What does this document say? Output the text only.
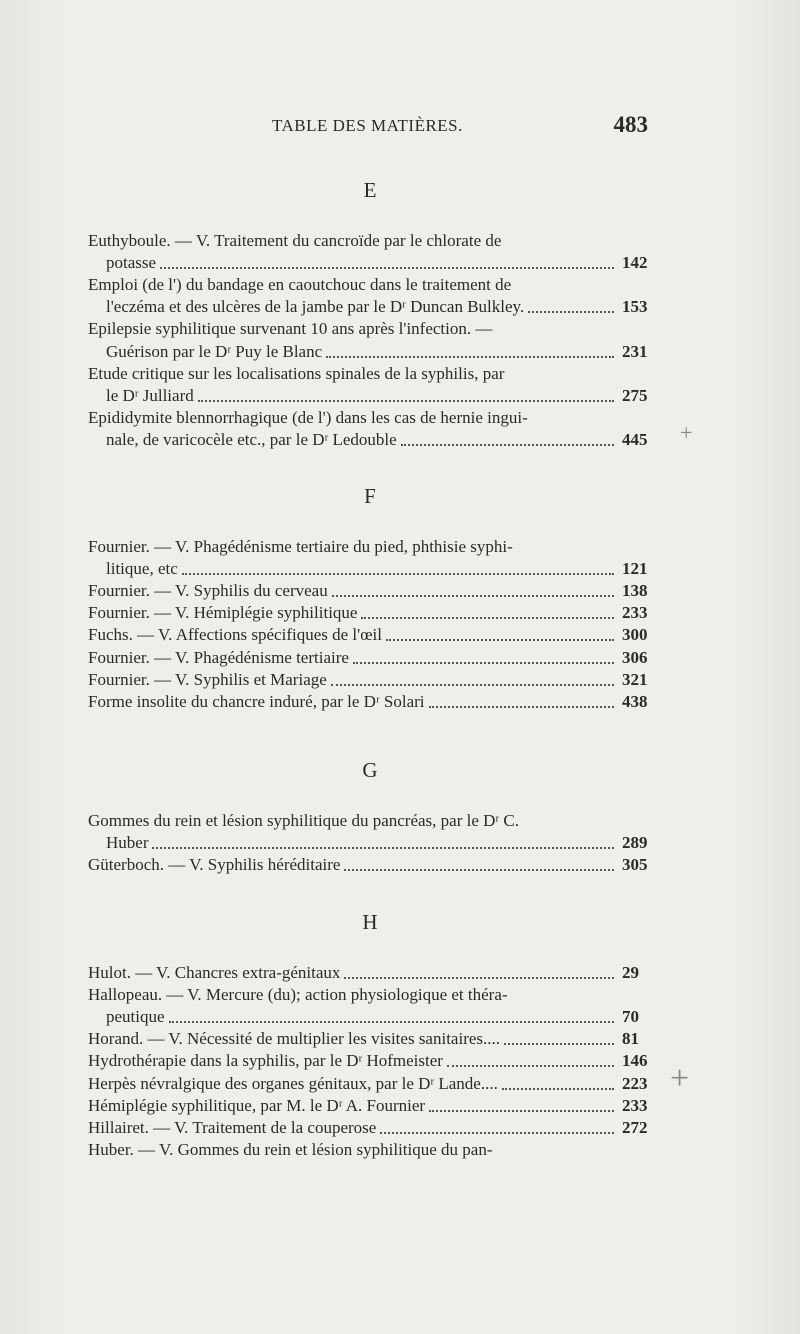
TABLE DES MATIÈRES.	483
E
Euthyboule. — V. Traitement du cancroïde par le chlorate de
potasse	142
Emploi (de l') du bandage en caoutchouc dans le traitement de
l'eczéma et des ulcères de la jambe par le Dʳ Duncan Bulkley.	153
Epilepsie syphilitique survenant 10 ans après l'infection. —
Guérison par le Dʳ Puy le Blanc	231
Etude critique sur les localisations spinales de la syphilis, par
le Dʳ Julliard	275
Epididymite blennorrhagique (de l') dans les cas de hernie ingui-
nale, de varicocèle etc., par le Dʳ Ledouble	445
F
Fournier. — V. Phagédénisme tertiaire du pied, phthisie syphi-
litique, etc	121
Fournier. — V. Syphilis du cerveau	138
Fournier. — V. Hémiplégie syphilitique	233
Fuchs. — V. Affections spécifiques de l'œil	300
Fournier. — V. Phagédénisme tertiaire	306
Fournier. — V. Syphilis et Mariage	321
Forme insolite du chancre induré, par le Dʳ Solari	438
G
Gommes du rein et lésion syphilitique du pancréas, par le Dʳ C.
Huber	289
Güterboch. — V. Syphilis héréditaire	305
H
Hulot. — V. Chancres extra-génitaux	29
Hallopeau. — V. Mercure (du); action physiologique et théra-
peutique	70
Horand. — V. Nécessité de multiplier les visites sanitaires....	81
Hydrothérapie dans la syphilis, par le Dʳ Hofmeister	146
Herpès névralgique des organes génitaux, par le Dʳ Lande....	223
Hémiplégie syphilitique, par M. le Dʳ A. Fournier	233
Hillairet. — V. Traitement de la couperose	272
Huber. — V. Gommes du rein et lésion syphilitique du pan-
+
+
